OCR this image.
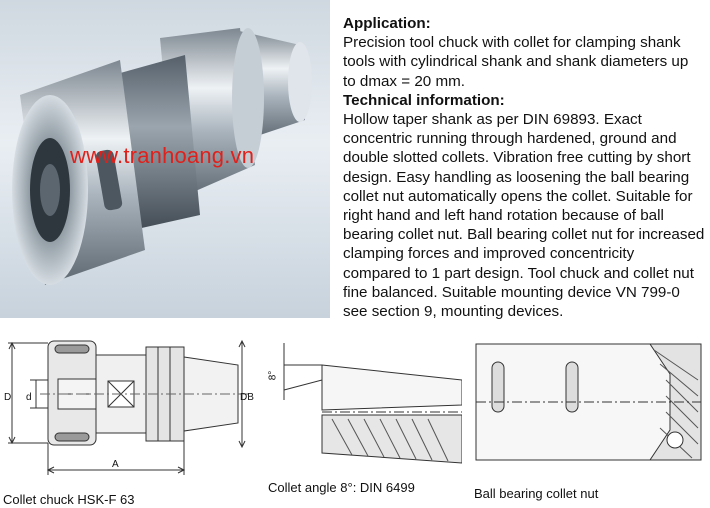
www.tranhoang.vn
Application:

Precision tool chuck with collet for clamping shank tools with cylindrical shank and shank diameters up to dmax = 20 mm.

Technical information:

Hollow taper shank as per DIN 69893. Exact concentric running through hardened, ground and double slotted collets. Vibration free cutting by short design. Easy handling as loosening the ball bearing collet nut automatically opens the collet. Suitable for right hand and left hand rotation because of ball bearing collet nut. Ball bearing collet nut for increased clamping forces and improved concentricity compared to 1 part design. Tool chuck and collet nut fine balanced. Suitable mounting device VN 799-0 see section 9, mounting devices.

D d	DB
A
8°
Collet chuck HSK-F 63
Collet angle 8°: DIN 6499	Ball bearing collet nut
